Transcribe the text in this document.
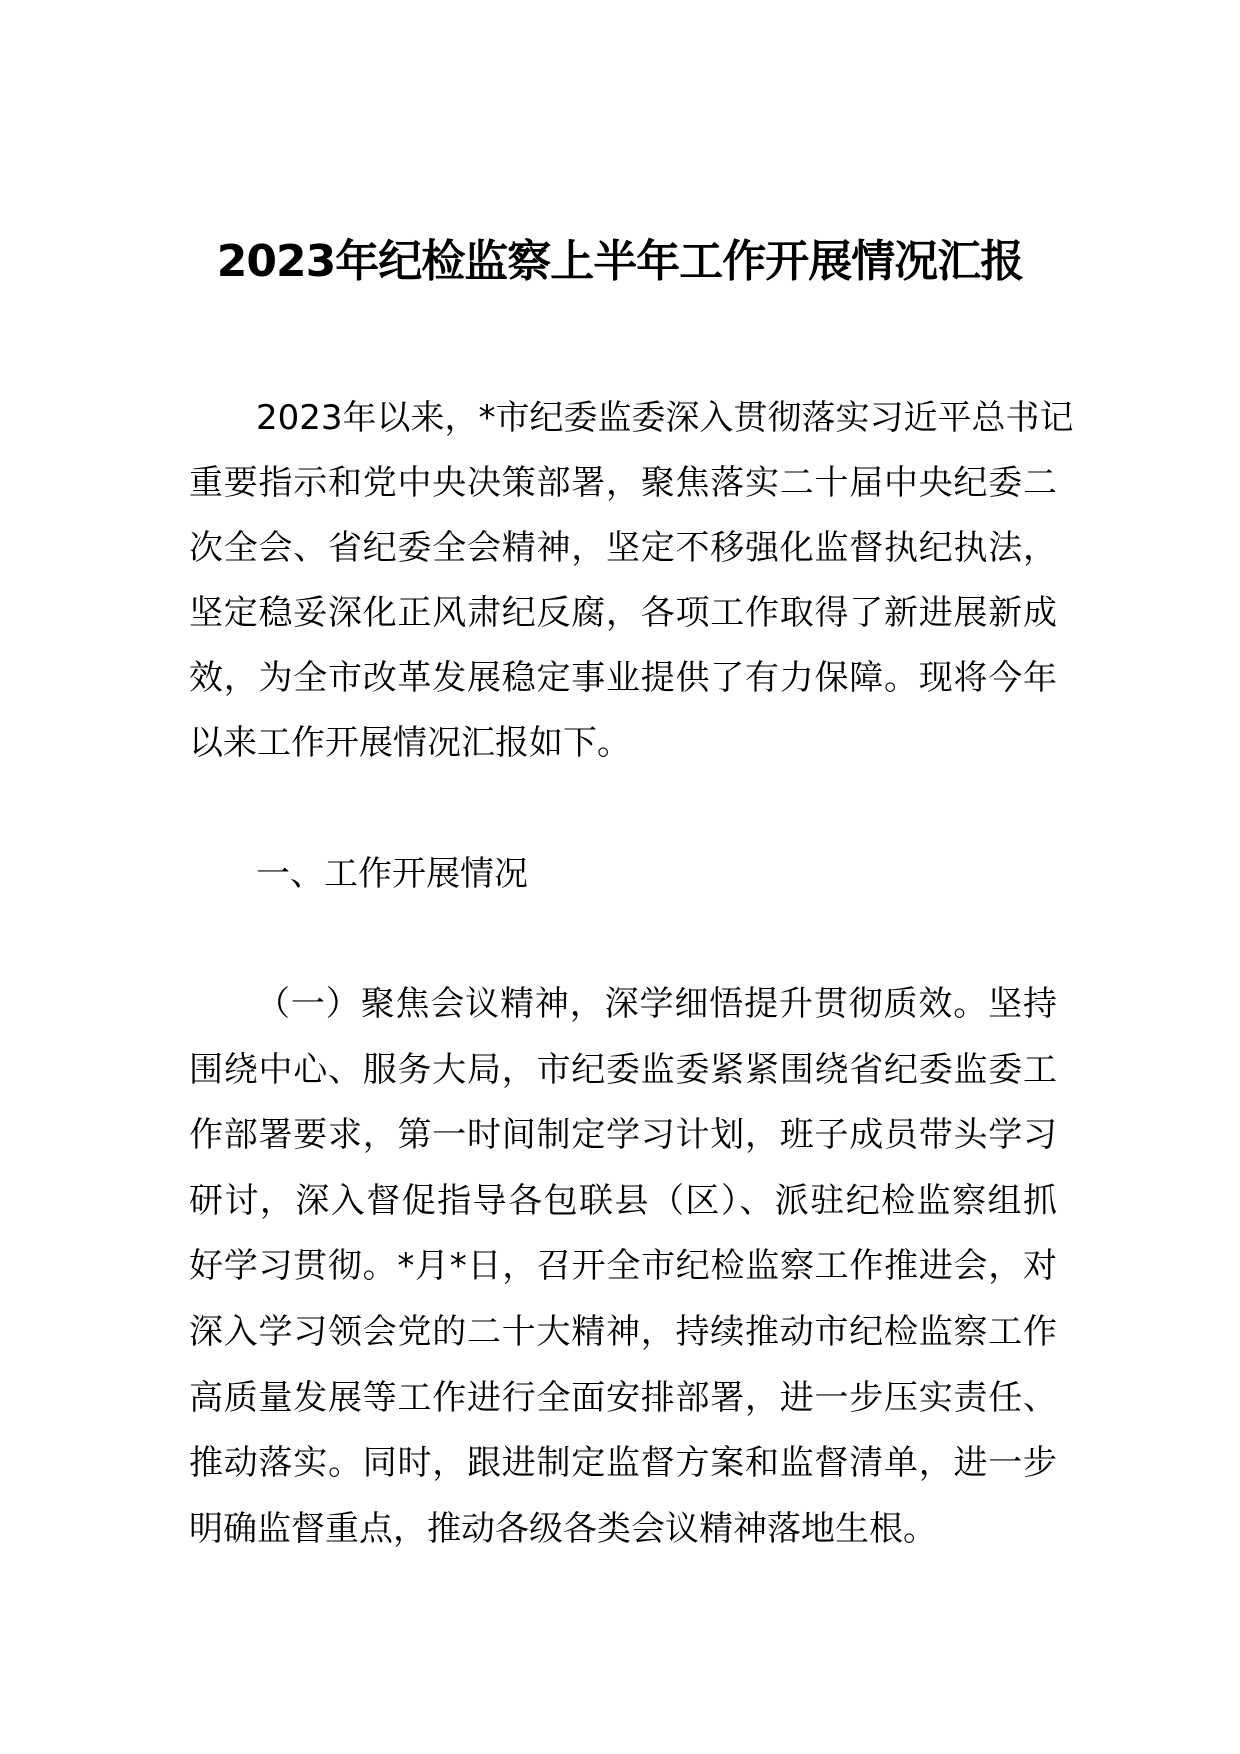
2023年纪检监察上半年工作开展情况汇报
2023年以来，*市纪委监委深入贯彻落实习近平总书记
重要指示和党中央决策部署，聚焦落实二十届中央纪委二
次全会、省纪委全会精神，坚定不移强化监督执纪执法，
坚定稳妥深化正风肃纪反腐，各项工作取得了新进展新成
效，为全市改革发展稳定事业提供了有力保障。现将今年
以来工作开展情况汇报如下。
一、工作开展情况
（一）聚焦会议精神，深学细悟提升贯彻质效。坚持
围绕中心、服务大局，市纪委监委紧紧围绕省纪委监委工
作部署要求，第一时间制定学习计划，班子成员带头学习
研讨，深入督促指导各包联县（区）、派驻纪检监察组抓
好学习贯彻。*月*日，召开全市纪检监察工作推进会，对
深入学习领会党的二十大精神，持续推动市纪检监察工作
高质量发展等工作进行全面安排部署，进一步压实责任、
推动落实。同时，跟进制定监督方案和监督清单，进一步
明确监督重点，推动各级各类会议精神落地生根。
